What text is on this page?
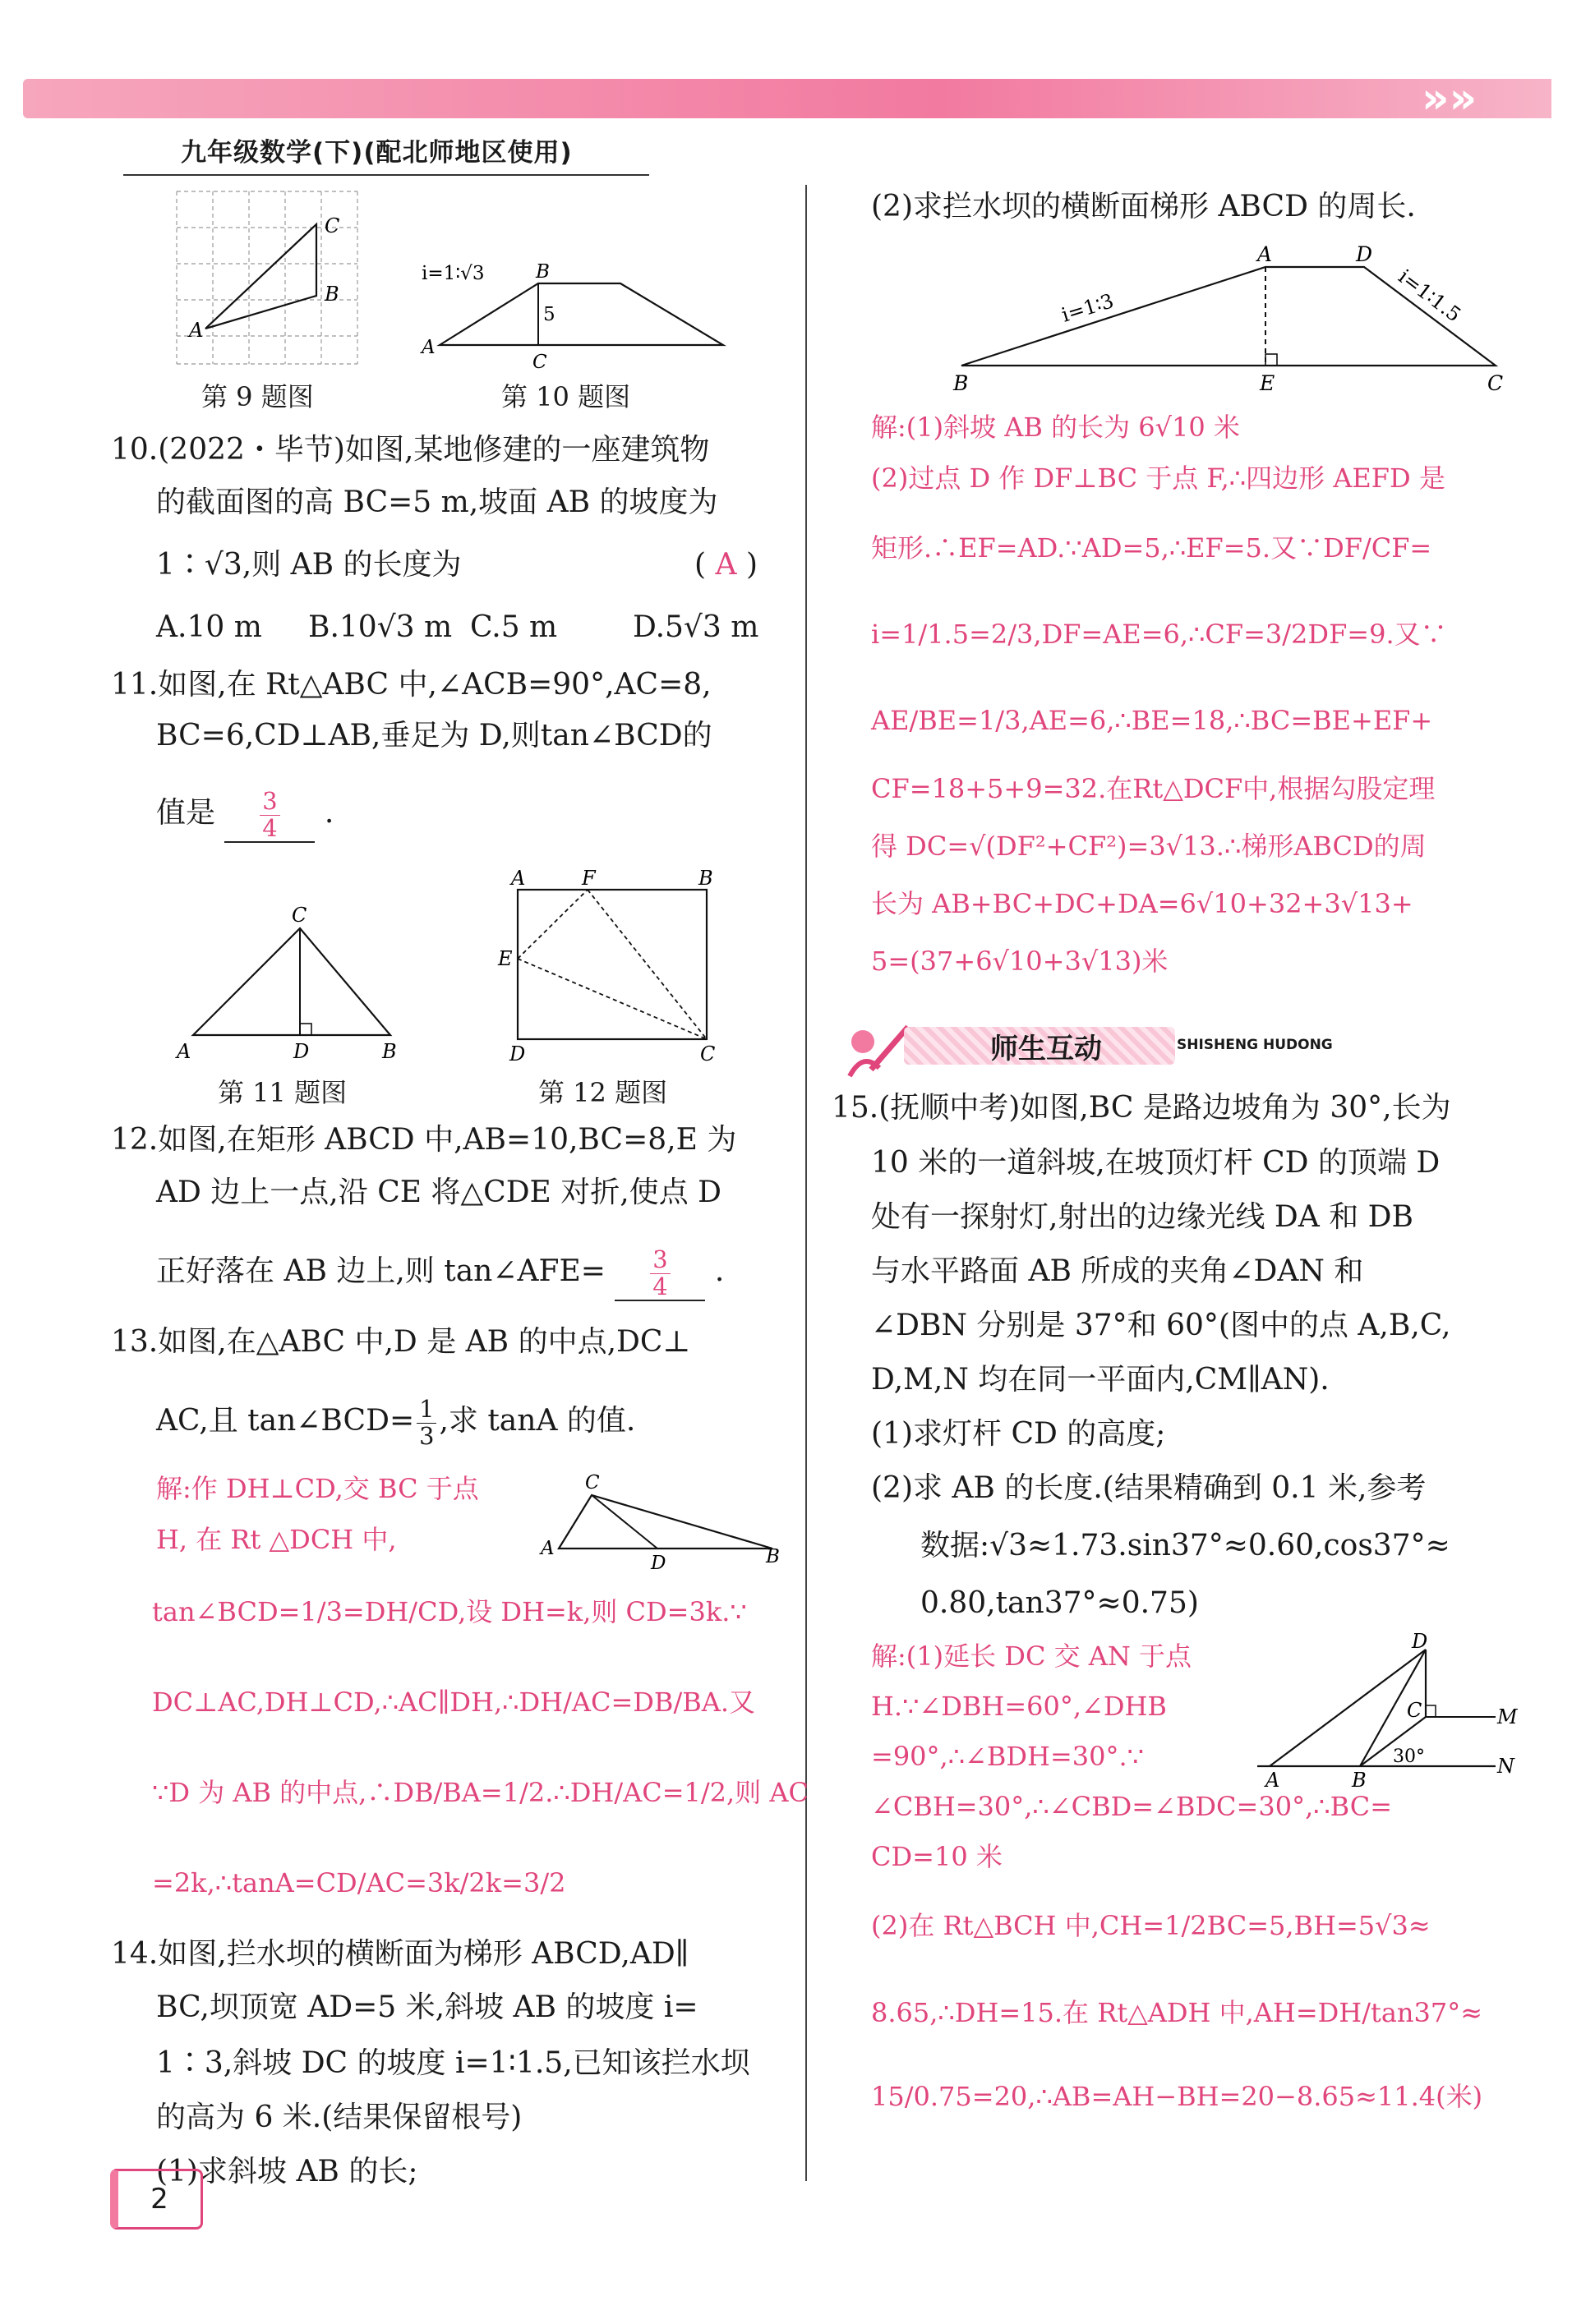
»»
九年级数学(下)(配北师地区使用)
A
B
C
第 9 题图
i=1∶√3	B
5
A
C
第 10 题图
10.(2022・毕节)如图,某地修建的一座建筑物
的截面图的高 BC=5 m,坡面 AB 的坡度为
1∶√3,则 AB 的长度为	( A )
A.10 m B.10√3 m C.5 m	D.5√3 m
11.如图,在 Rt△ABC 中,∠ACB=90°,AC=8,
BC=6,CD⊥AB,垂足为 D,则tan∠BCD的
值是 $\frac{3}{4}$ .
C
A	D	B
第 11 题图
A	F	B
E
D	C
第 12 题图
12.如图,在矩形 ABCD 中,AB=10,BC=8,E 为
AD 边上一点,沿 CE 将△CDE 对折,使点 D
正好落在 AB 边上,则 tan∠AFE= $\frac{3}{4}$ .
13.如图,在△ABC 中,D 是 AB 的中点,DC⊥
AC,且 tan∠BCD= $\frac{1}{3}$ ,求 tanA 的值.
解:作 DH⊥CD,交 BC 于点
H, 在 Rt △DCH 中,
C
A
D	B
tan∠BCD=1/3=DH/CD,设 DH=k,则 CD=3k.∵
DC⊥AC,DH⊥CD,∴AC∥DH,∴DH/AC=DB/BA.又
∵D 为 AB 的中点,∴DB/BA=1/2.∴DH/AC=1/2,则 AC
=2k,∴tanA=CD/AC=3k/2k=3/2
14.如图,拦水坝的横断面为梯形 ABCD,AD∥
BC,坝顶宽 AD=5 米,斜坡 AB 的坡度 i=
1∶3,斜坡 DC 的坡度 i=1∶1.5,已知该拦水坝
的高为 6 米.(结果保留根号)
(1)求斜坡 AB 的长;
(2)求拦水坝的横断面梯形 ABCD 的周长.
A	D
B	E	C
i=1∶3	i=1∶1.5
解:(1)斜坡 AB 的长为 6√10 米
(2)过点 D 作 DF⊥BC 于点 F,∴四边形 AEFD 是
矩形.∴EF=AD.∵AD=5,∴EF=5.又∵DF/CF=
i=1/1.5=2/3,DF=AE=6,∴CF=3/2DF=9.又∵
AE/BE=1/3,AE=6,∴BE=18,∴BC=BE+EF+
CF=18+5+9=32.在Rt△DCF中,根据勾股定理
得 DC=√(DF²+CF²)=3√13.∴梯形ABCD的周
长为 AB+BC+DC+DA=6√10+32+3√13+
5=(37+6√10+3√13)米
师生互动	SHISHENG HUDONG
15.(抚顺中考)如图,BC 是路边坡角为 30°,长为
10 米的一道斜坡,在坡顶灯杆 CD 的顶端 D
处有一探射灯,射出的边缘光线 DA 和 DB
与水平路面 AB 所成的夹角∠DAN 和
∠DBN 分别是 37°和 60°(图中的点 A,B,C,
D,M,N 均在同一平面内,CM∥AN).
(1)求灯杆 CD 的高度;
(2)求 AB 的长度.(结果精确到 0.1 米,参考
数据:√3≈1.73.sin37°≈0.60,cos37°≈
0.80,tan37°≈0.75)
解:(1)延长 DC 交 AN 于点
H.∵∠DBH=60°,∠DHB
=90°,∴∠BDH=30°.∵
D
C	M
N
A	B
30°
∠CBH=30°,∴∠CBD=∠BDC=30°,∴BC=
CD=10 米
(2)在 Rt△BCH 中,CH=1/2BC=5,BH=5√3≈
8.65,∴DH=15.在 Rt△ADH 中,AH=DH/tan37°≈
15/0.75=20,∴AB=AH−BH=20−8.65≈11.4(米)
2
